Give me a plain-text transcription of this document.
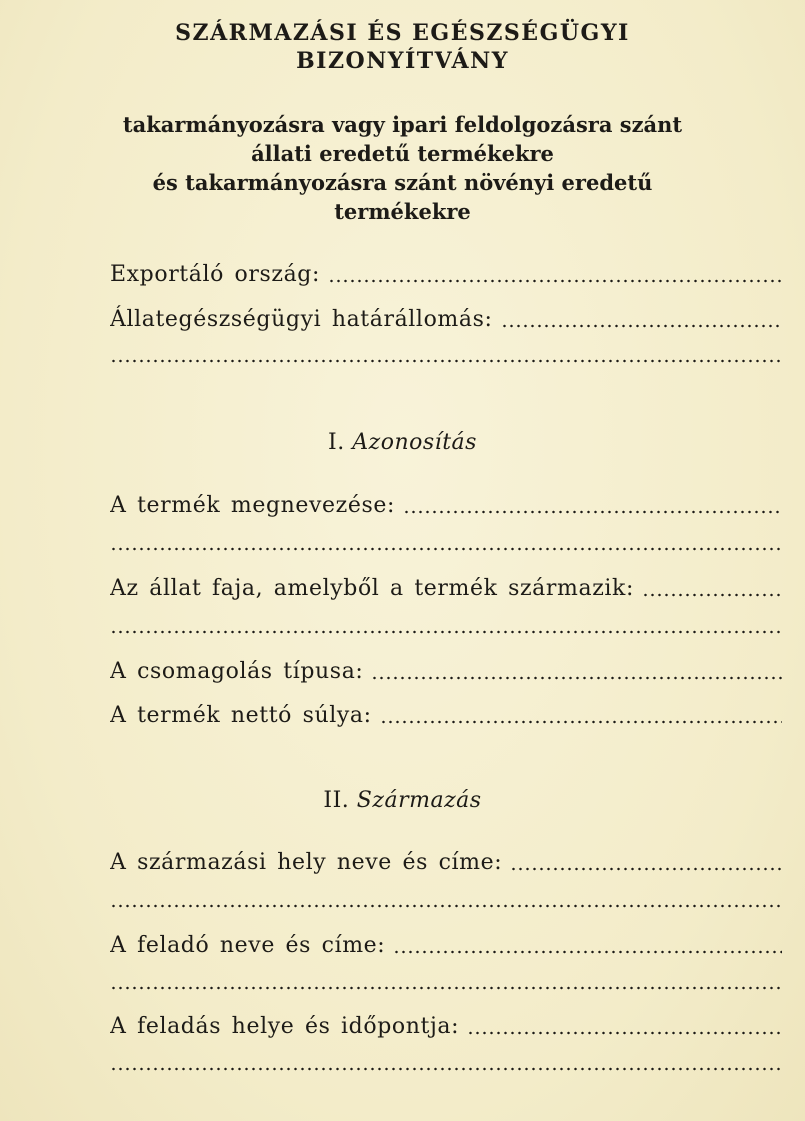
SZÁRMAZÁSI ÉS EGÉSZSÉGÜGYI
BIZONYÍTVÁNY
takarmányozásra vagy ipari feldolgozásra szánt
állati eredetű termékekre
és takarmányozásra szánt növényi eredetű
termékekre
Exportáló ország:
Állategészségügyi határállomás:
I. Azonosítás
A termék megnevezése:
Az állat faja, amelyből a termék származik:
A csomagolás típusa:
A termék nettó súlya:
II. Származás
A származási hely neve és címe:
A feladó neve és címe:
A feladás helye és időpontja:
